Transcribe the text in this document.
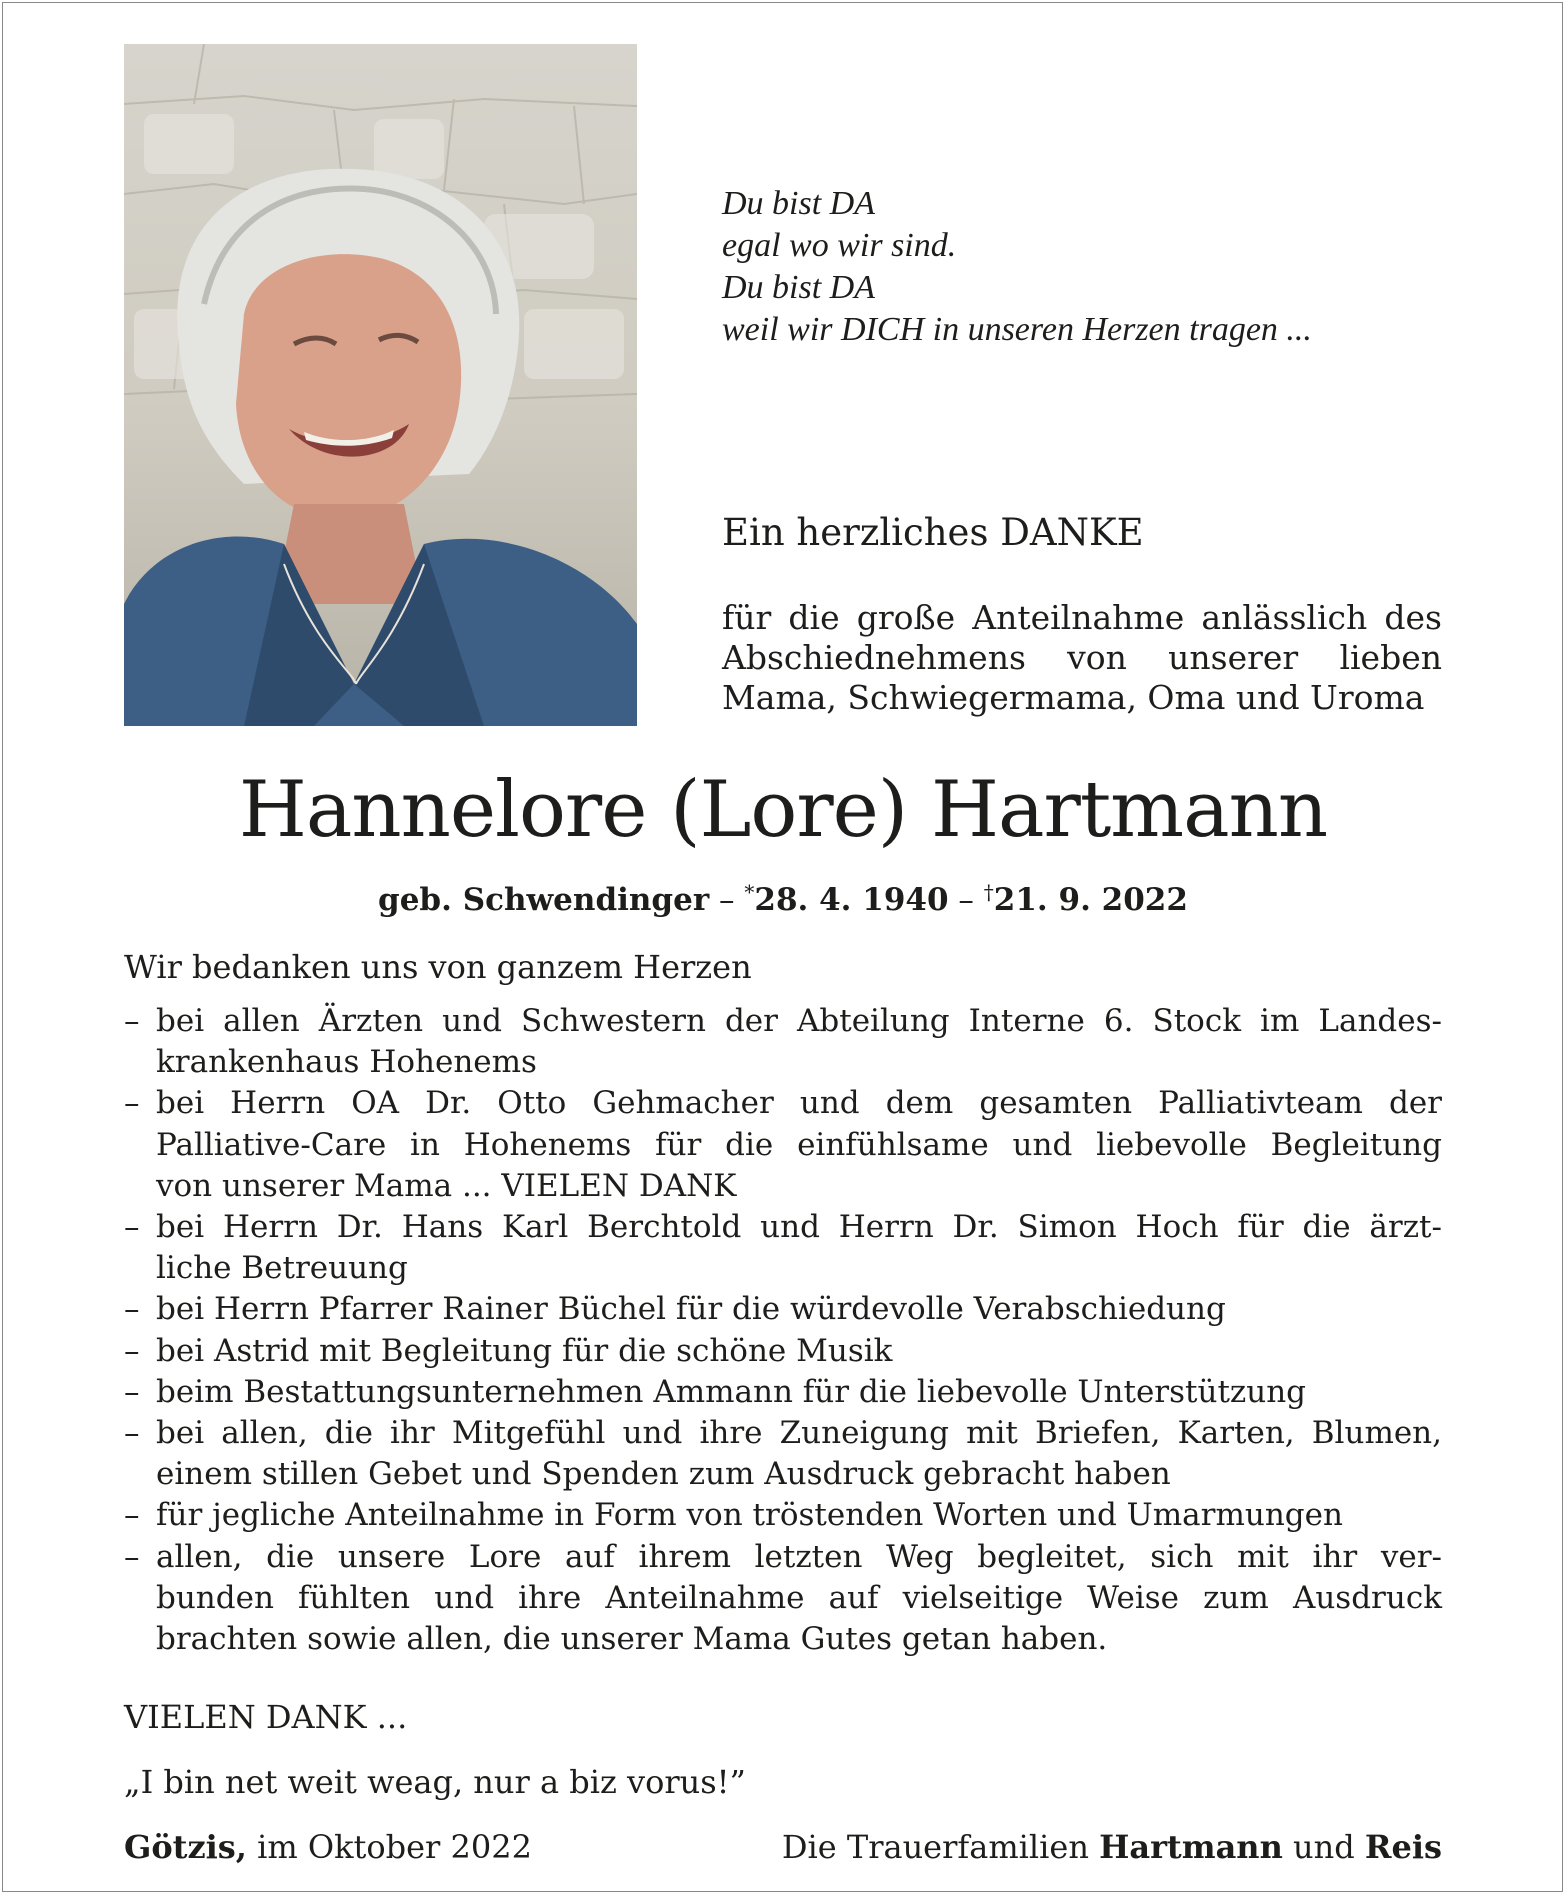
Du bist DA
egal wo wir sind.
Du bist DA
weil wir DICH in unseren Herzen tragen ...
Ein herzliches DANKE
für die große Anteilnahme anlässlich des
Abschiednehmens von unserer lieben
Mama, Schwiegermama, Oma und Uroma
Hannelore (Lore) Hartmann
geb. Schwendinger – *28. 4. 1940 – †21. 9. 2022
Wir bedanken uns von ganzem Herzen
– bei allen Ärzten und Schwestern der Abteilung Interne 6. Stock im Landes-
krankenhaus Hohenems
– bei Herrn OA Dr. Otto Gehmacher und dem gesamten Palliativteam der
Palliative-Care in Hohenems für die einfühlsame und liebevolle Begleitung
von unserer Mama ... VIELEN DANK
– bei Herrn Dr. Hans Karl Berchtold und Herrn Dr. Simon Hoch für die ärzt-
liche Betreuung
– bei Herrn Pfarrer Rainer Büchel für die würdevolle Verabschiedung
– bei Astrid mit Begleitung für die schöne Musik
– beim Bestattungsunternehmen Ammann für die liebevolle Unterstützung
– bei allen, die ihr Mitgefühl und ihre Zuneigung mit Briefen, Karten, Blumen,
einem stillen Gebet und Spenden zum Ausdruck gebracht haben
– für jegliche Anteilnahme in Form von tröstenden Worten und Umarmungen
– allen, die unsere Lore auf ihrem letzten Weg begleitet, sich mit ihr ver-
bunden fühlten und ihre Anteilnahme auf vielseitige Weise zum Ausdruck
brachten sowie allen, die unserer Mama Gutes getan haben.
VIELEN DANK ...
„I bin net weit weag, nur a biz vorus!”
Götzis, im Oktober 2022	Die Trauerfamilien Hartmann und Reis
